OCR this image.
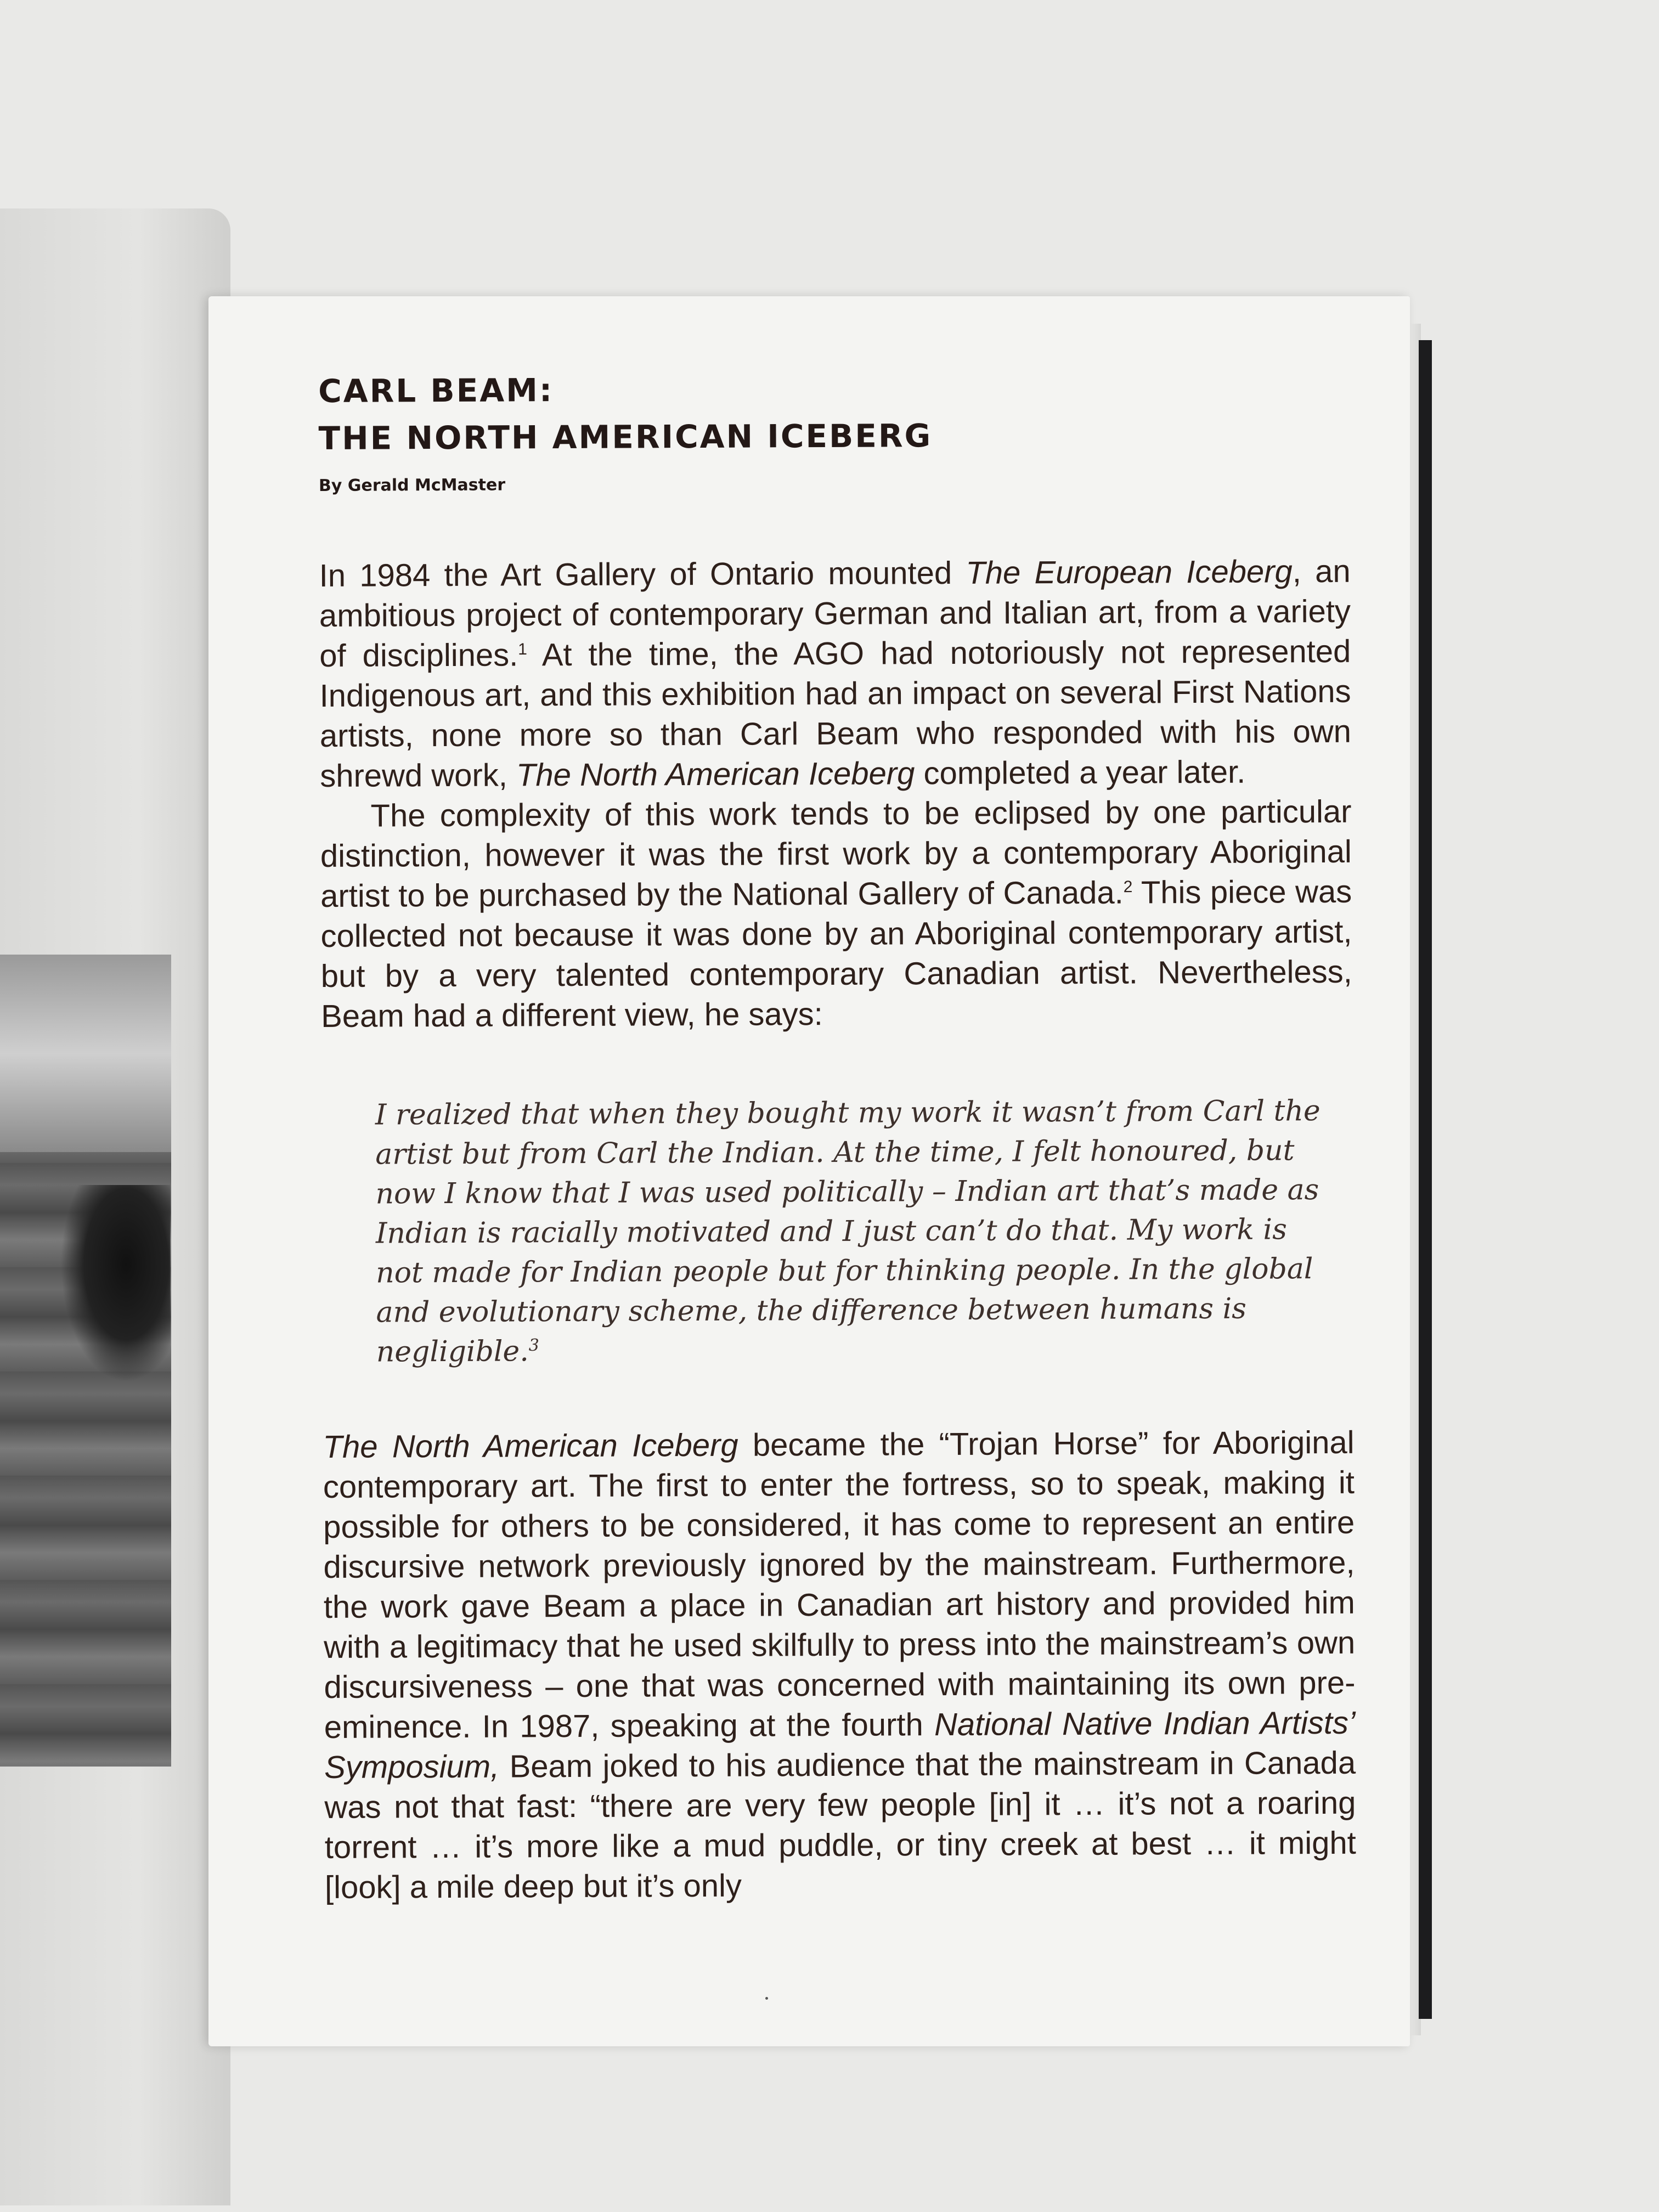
CARL BEAM:
THE NORTH AMERICAN ICEBERG
By Gerald McMaster

In 1984 the Art Gallery of Ontario mounted The European Iceberg, an ambitious project of contemporary German and Italian art, from a variety of disciplines.$^1$ At the time, the AGO had notoriously not represented Indigenous art, and this exhibition had an impact on several First Nations artists, none more so than Carl Beam who responded with his own shrewd work, The North American Iceberg completed a year later.

The complexity of this work tends to be eclipsed by one particular distinction, however it was the first work by a contemporary Aboriginal artist to be purchased by the National Gallery of Canada.$^2$ This piece was collected not because it was done by an Aboriginal contemporary artist, but by a very talented contemporary Canadian artist. Nevertheless, Beam had a different view, he says:

I realized that when they bought my work it wasn’t from Carl the artist but from Carl the Indian. At the time, I felt honoured, but now I know that I was used politically – Indian art that’s made as Indian is racially motivated and I just can’t do that. My work is not made for Indian people but for thinking people. In the global and evolutionary scheme, the difference between humans is negligible.$^3$

The North American Iceberg became the “Trojan Horse” for Aboriginal contemporary art. The first to enter the fortress, so to speak, making it possible for others to be considered, it has come to represent an entire discursive network previously ignored by the mainstream. Furthermore, the work gave Beam a place in Canadian art history and provided him with a legitimacy that he used skilfully to press into the mainstream’s own discursiveness – one that was concerned with maintaining its own pre-eminence. In 1987, speaking at the fourth National Native Indian Artists’ Symposium, Beam joked to his audience that the mainstream in Canada was not that fast: “there are very few people [in] it … it’s not a roaring torrent … it’s more like a mud puddle, or tiny creek at best … it might [look] a mile deep but it’s only
